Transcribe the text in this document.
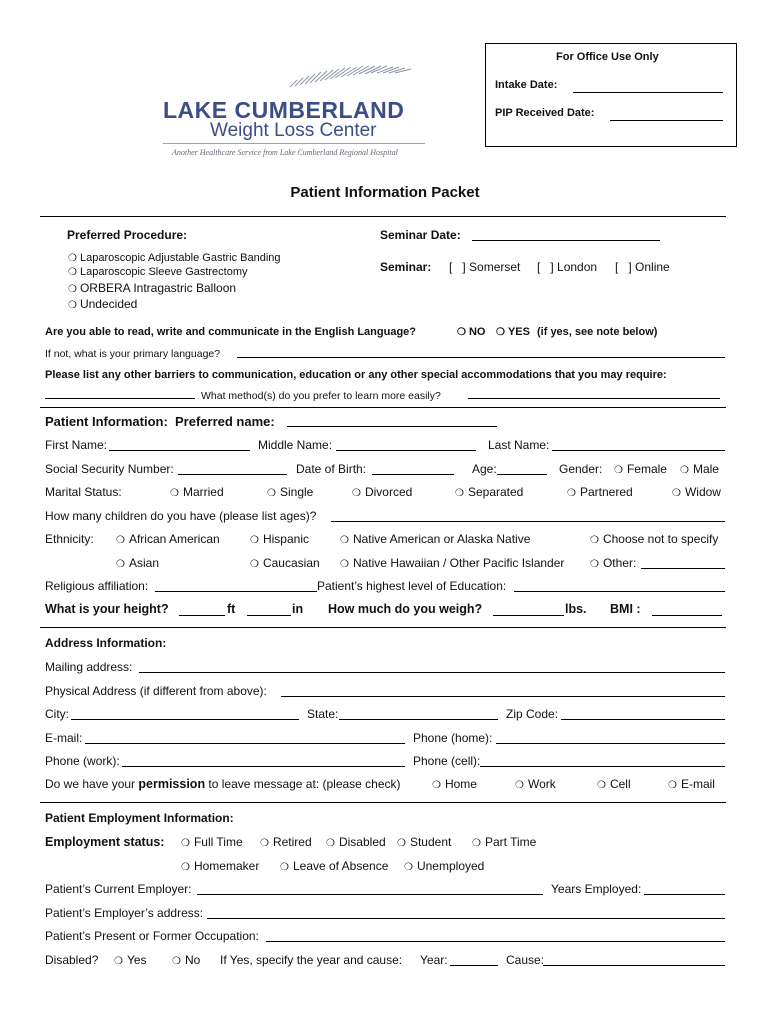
For Office Use Only
Intake Date:
PIP Received Date:
LAKE CUMBERLAND
Weight Loss Center
Another Healthcare Service from Lake Cumberland Regional Hospital
Patient Information Packet
Preferred Procedure:
❍ Laparoscopic Adjustable Gastric Banding
❍ Laparoscopic Sleeve Gastrectomy
❍ ORBERA Intragastric Balloon
❍ Undecided
Seminar Date:
Seminar: [   ] Somerset [   ] London [   ] Online
Are you able to read, write and communicate in the English Language?	❍ NO ❍ YES (if yes, see note below)
If not, what is your primary language?
Please list any other barriers to communication, education or any other special accommodations that you may require:
What method(s) do you prefer to learn more easily?
Patient Information: Preferred name:
First Name:	Middle Name:	Last Name:
Social Security Number:	Date of Birth:	Age:	Gender: ❍ Female ❍ Male
Marital Status:	❍ Married	❍ Single	❍ Divorced	❍ Separated	❍ Partnered	❍ Widow
How many children do you have (please list ages)?
Ethnicity: ❍ African American	❍ Hispanic	❍ Native American or Alaska Native	❍ Choose not to specify
❍ Asian	❍ Caucasian ❍ Native Hawaiian / Other Pacific Islander	❍ Other:
Religious affiliation:	Patient’s highest level of Education:
What is your height?	ft	in How much do you weigh?	lbs. BMI :
Address Information:
Mailing address:
Physical Address (if different from above):
City:	State:	Zip Code:
E-mail:	Phone (home):
Phone (work):	Phone (cell):
Do we have your permission to leave message at: (please check)	❍ Home	❍ Work	❍ Cell	❍ E-mail
Patient Employment Information:
Employment status: ❍ Full Time ❍ Retired ❍ Disabled ❍ Student ❍ Part Time
❍ Homemaker ❍ Leave of Absence ❍ Unemployed
Patient’s Current Employer:	Years Employed:
Patient’s Employer’s address:
Patient’s Present or Former Occupation:
Disabled? ❍ Yes	❍ No If Yes, specify the year and cause: Year:	Cause:
